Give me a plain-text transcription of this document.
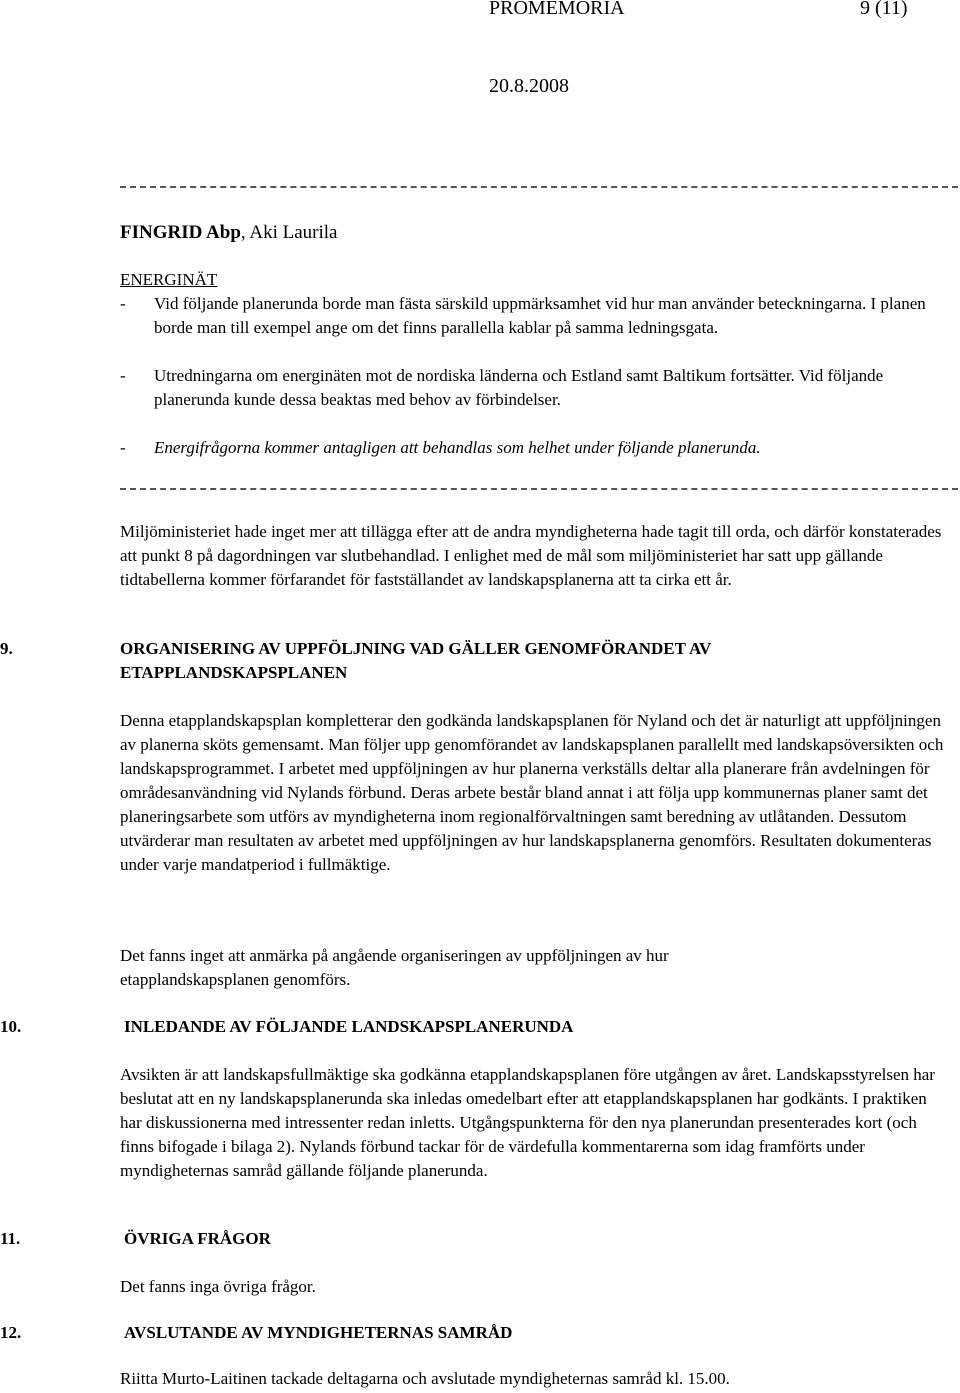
PROMEMORIA	9 (11)
20.8.2008
FINGRID Abp, Aki Laurila
ENERGINÄT
- Vid följande planerunda borde man fästa särskild uppmärksamhet vid hur man använder beteckningarna. I planen borde man till exempel ange om det finns parallella kablar på samma ledningsgata.
- Utredningarna om energinäten mot de nordiska länderna och Estland samt Baltikum fortsätter. Vid följande planerunda kunde dessa beaktas med behov av förbindelser.
- Energifrågorna kommer antagligen att behandlas som helhet under följande planerunda.
Miljöministeriet hade inget mer att tillägga efter att de andra myndigheterna hade tagit till orda, och därför konstaterades att punkt 8 på dagordningen var slutbehandlad. I enlighet med de mål som miljöministeriet har satt upp gällande tidtabellerna kommer förfarandet för fastställandet av landskapsplanerna att ta cirka ett år.
9.	ORGANISERING AV UPPFÖLJNING VAD GÄLLER GENOMFÖRANDET AV ETAPPLANDSKAPSPLANEN
Denna etapplandskapsplan kompletterar den godkända landskapsplanen för Nyland och det är naturligt att uppföljningen av planerna sköts gemensamt. Man följer upp genomförandet av landskapsplanen parallellt med landskapsöversikten och landskapsprogrammet. I arbetet med uppföljningen av hur planerna verkställs deltar alla planerare från avdelningen för områdesanvändning vid Nylands förbund. Deras arbete består bland annat i att följa upp kommunernas planer samt det planeringsarbete som utförs av myndigheterna inom regionalförvaltningen samt beredning av utlåtanden. Dessutom utvärderar man resultaten av arbetet med uppföljningen av hur landskapsplanerna genomförs. Resultaten dokumenteras under varje mandatperiod i fullmäktige.
Det fanns inget att anmärka på angående organiseringen av uppföljningen av hur etapplandskapsplanen genomförs.
10.	INLEDANDE AV FÖLJANDE LANDSKAPSPLANERUNDA
Avsikten är att landskapsfullmäktige ska godkänna etapplandskapsplanen före utgången av året. Landskapsstyrelsen har beslutat att en ny landskapsplanerunda ska inledas omedelbart efter att etapplandskapsplanen har godkänts. I praktiken har diskussionerna med intressenter redan inletts. Utgångspunkterna för den nya planerundan presenterades kort (och finns bifogade i bilaga 2). Nylands förbund tackar för de värdefulla kommentarerna som idag framförts under myndigheternas samråd gällande följande planerunda.
11.	ÖVRIGA FRÅGOR
Det fanns inga övriga frågor.
12.	AVSLUTANDE AV MYNDIGHETERNAS SAMRÅD
Riitta Murto-Laitinen tackade deltagarna och avslutade myndigheternas samråd kl. 15.00.
